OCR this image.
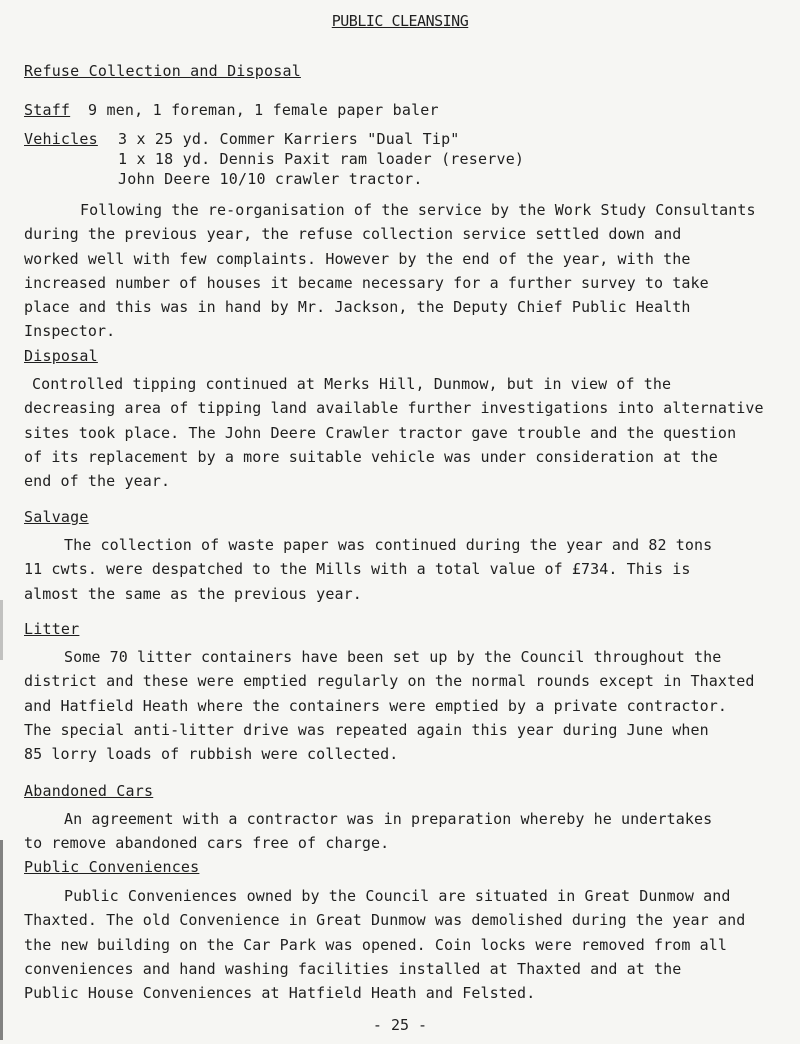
PUBLIC CLEANSING
Refuse Collection and Disposal
Staff 9 men, 1 foreman, 1 female paper baler
Vehicles 3 x 25 yd. Commer Karriers "Dual Tip"
1 x 18 yd. Dennis Paxit ram loader (reserve)
John Deere 10/10 crawler tractor.
Following the re-organisation of the service by the Work Study Consultants
during the previous year, the refuse collection service settled down and
worked well with few complaints. However by the end of the year, with the
increased number of houses it became necessary for a further survey to take
place and this was in hand by Mr. Jackson, the Deputy Chief Public Health
Inspector.
Disposal
Controlled tipping continued at Merks Hill, Dunmow, but in view of the
decreasing area of tipping land available further investigations into alternative
sites took place. The John Deere Crawler tractor gave trouble and the question
of its replacement by a more suitable vehicle was under consideration at the
end of the year.
Salvage
The collection of waste paper was continued during the year and 82 tons
11 cwts. were despatched to the Mills with a total value of £734. This is
almost the same as the previous year.
Litter
Some 70 litter containers have been set up by the Council throughout the
district and these were emptied regularly on the normal rounds except in Thaxted
and Hatfield Heath where the containers were emptied by a private contractor.
The special anti-litter drive was repeated again this year during June when
85 lorry loads of rubbish were collected.
Abandoned Cars
An agreement with a contractor was in preparation whereby he undertakes
to remove abandoned cars free of charge.
Public Conveniences
Public Conveniences owned by the Council are situated in Great Dunmow and
Thaxted. The old Convenience in Great Dunmow was demolished during the year and
the new building on the Car Park was opened. Coin locks were removed from all
conveniences and hand washing facilities installed at Thaxted and at the
Public House Conveniences at Hatfield Heath and Felsted.
- 25 -
